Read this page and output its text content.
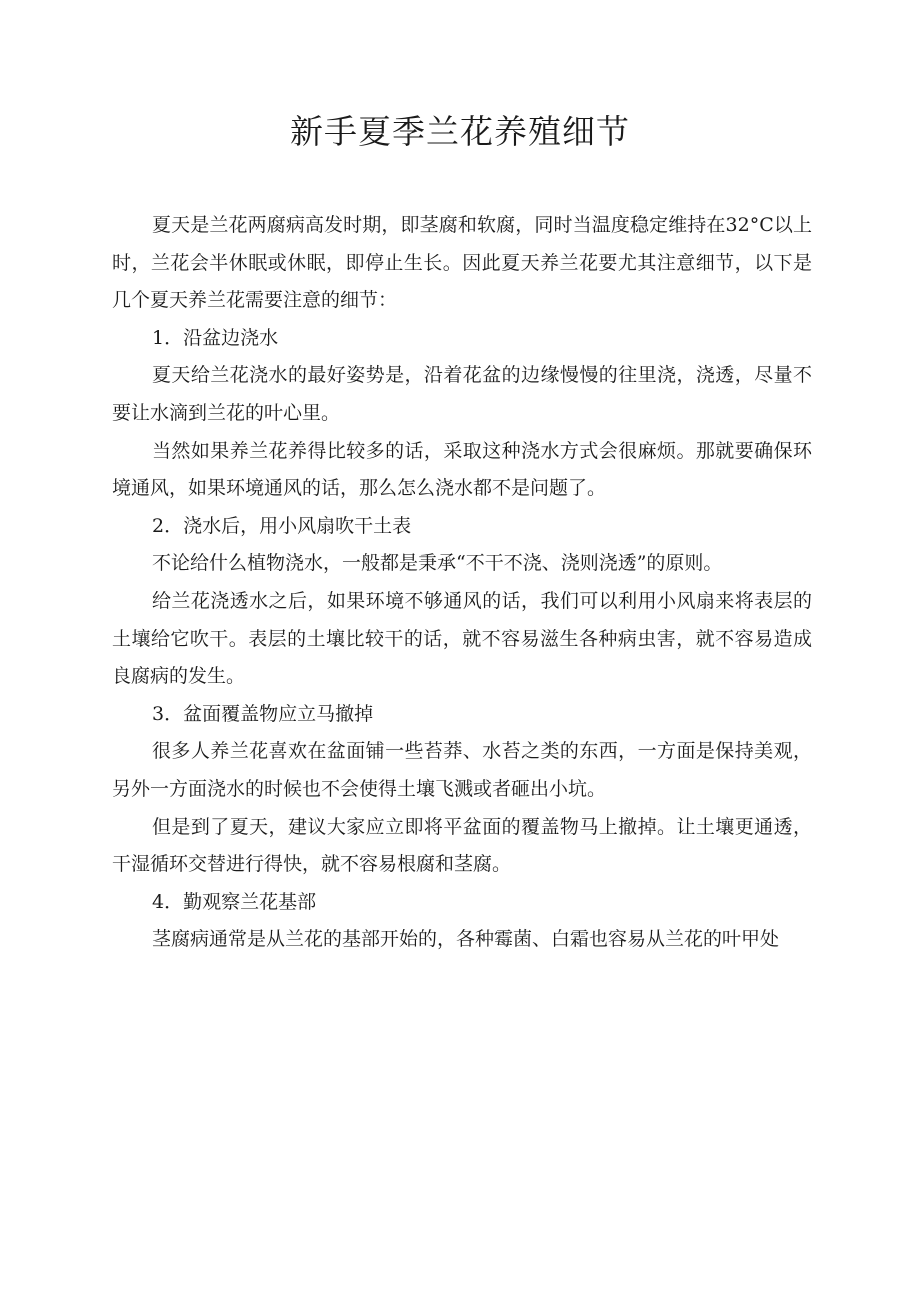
新手夏季兰花养殖细节

夏天是兰花两腐病高发时期，即茎腐和软腐，同时当温度稳定维持在32°C以上时，兰花会半休眠或休眠，即停止生长。因此夏天养兰花要尤其注意细节，以下是几个夏天养兰花需要注意的细节：

1．沿盆边浇水

夏天给兰花浇水的最好姿势是，沿着花盆的边缘慢慢的往里浇，浇透，尽量不要让水滴到兰花的叶心里。

当然如果养兰花养得比较多的话，采取这种浇水方式会很麻烦。那就要确保环境通风，如果环境通风的话，那么怎么浇水都不是问题了。

2．浇水后，用小风扇吹干土表

不论给什么植物浇水，一般都是秉承“不干不浇、浇则浇透”的原则。

给兰花浇透水之后，如果环境不够通风的话，我们可以利用小风扇来将表层的土壤给它吹干。表层的土壤比较干的话，就不容易滋生各种病虫害，就不容易造成良腐病的发生。

3．盆面覆盖物应立马撤掉

很多人养兰花喜欢在盆面铺一些苔莽、水苔之类的东西，一方面是保持美观，另外一方面浇水的时候也不会使得土壤飞溅或者砸出小坑。

但是到了夏天，建议大家应立即将平盆面的覆盖物马上撤掉。让土壤更通透，干湿循环交替进行得快，就不容易根腐和茎腐。

4．勤观察兰花基部

茎腐病通常是从兰花的基部开始的，各种霉菌、白霜也容易从兰花的叶甲处
